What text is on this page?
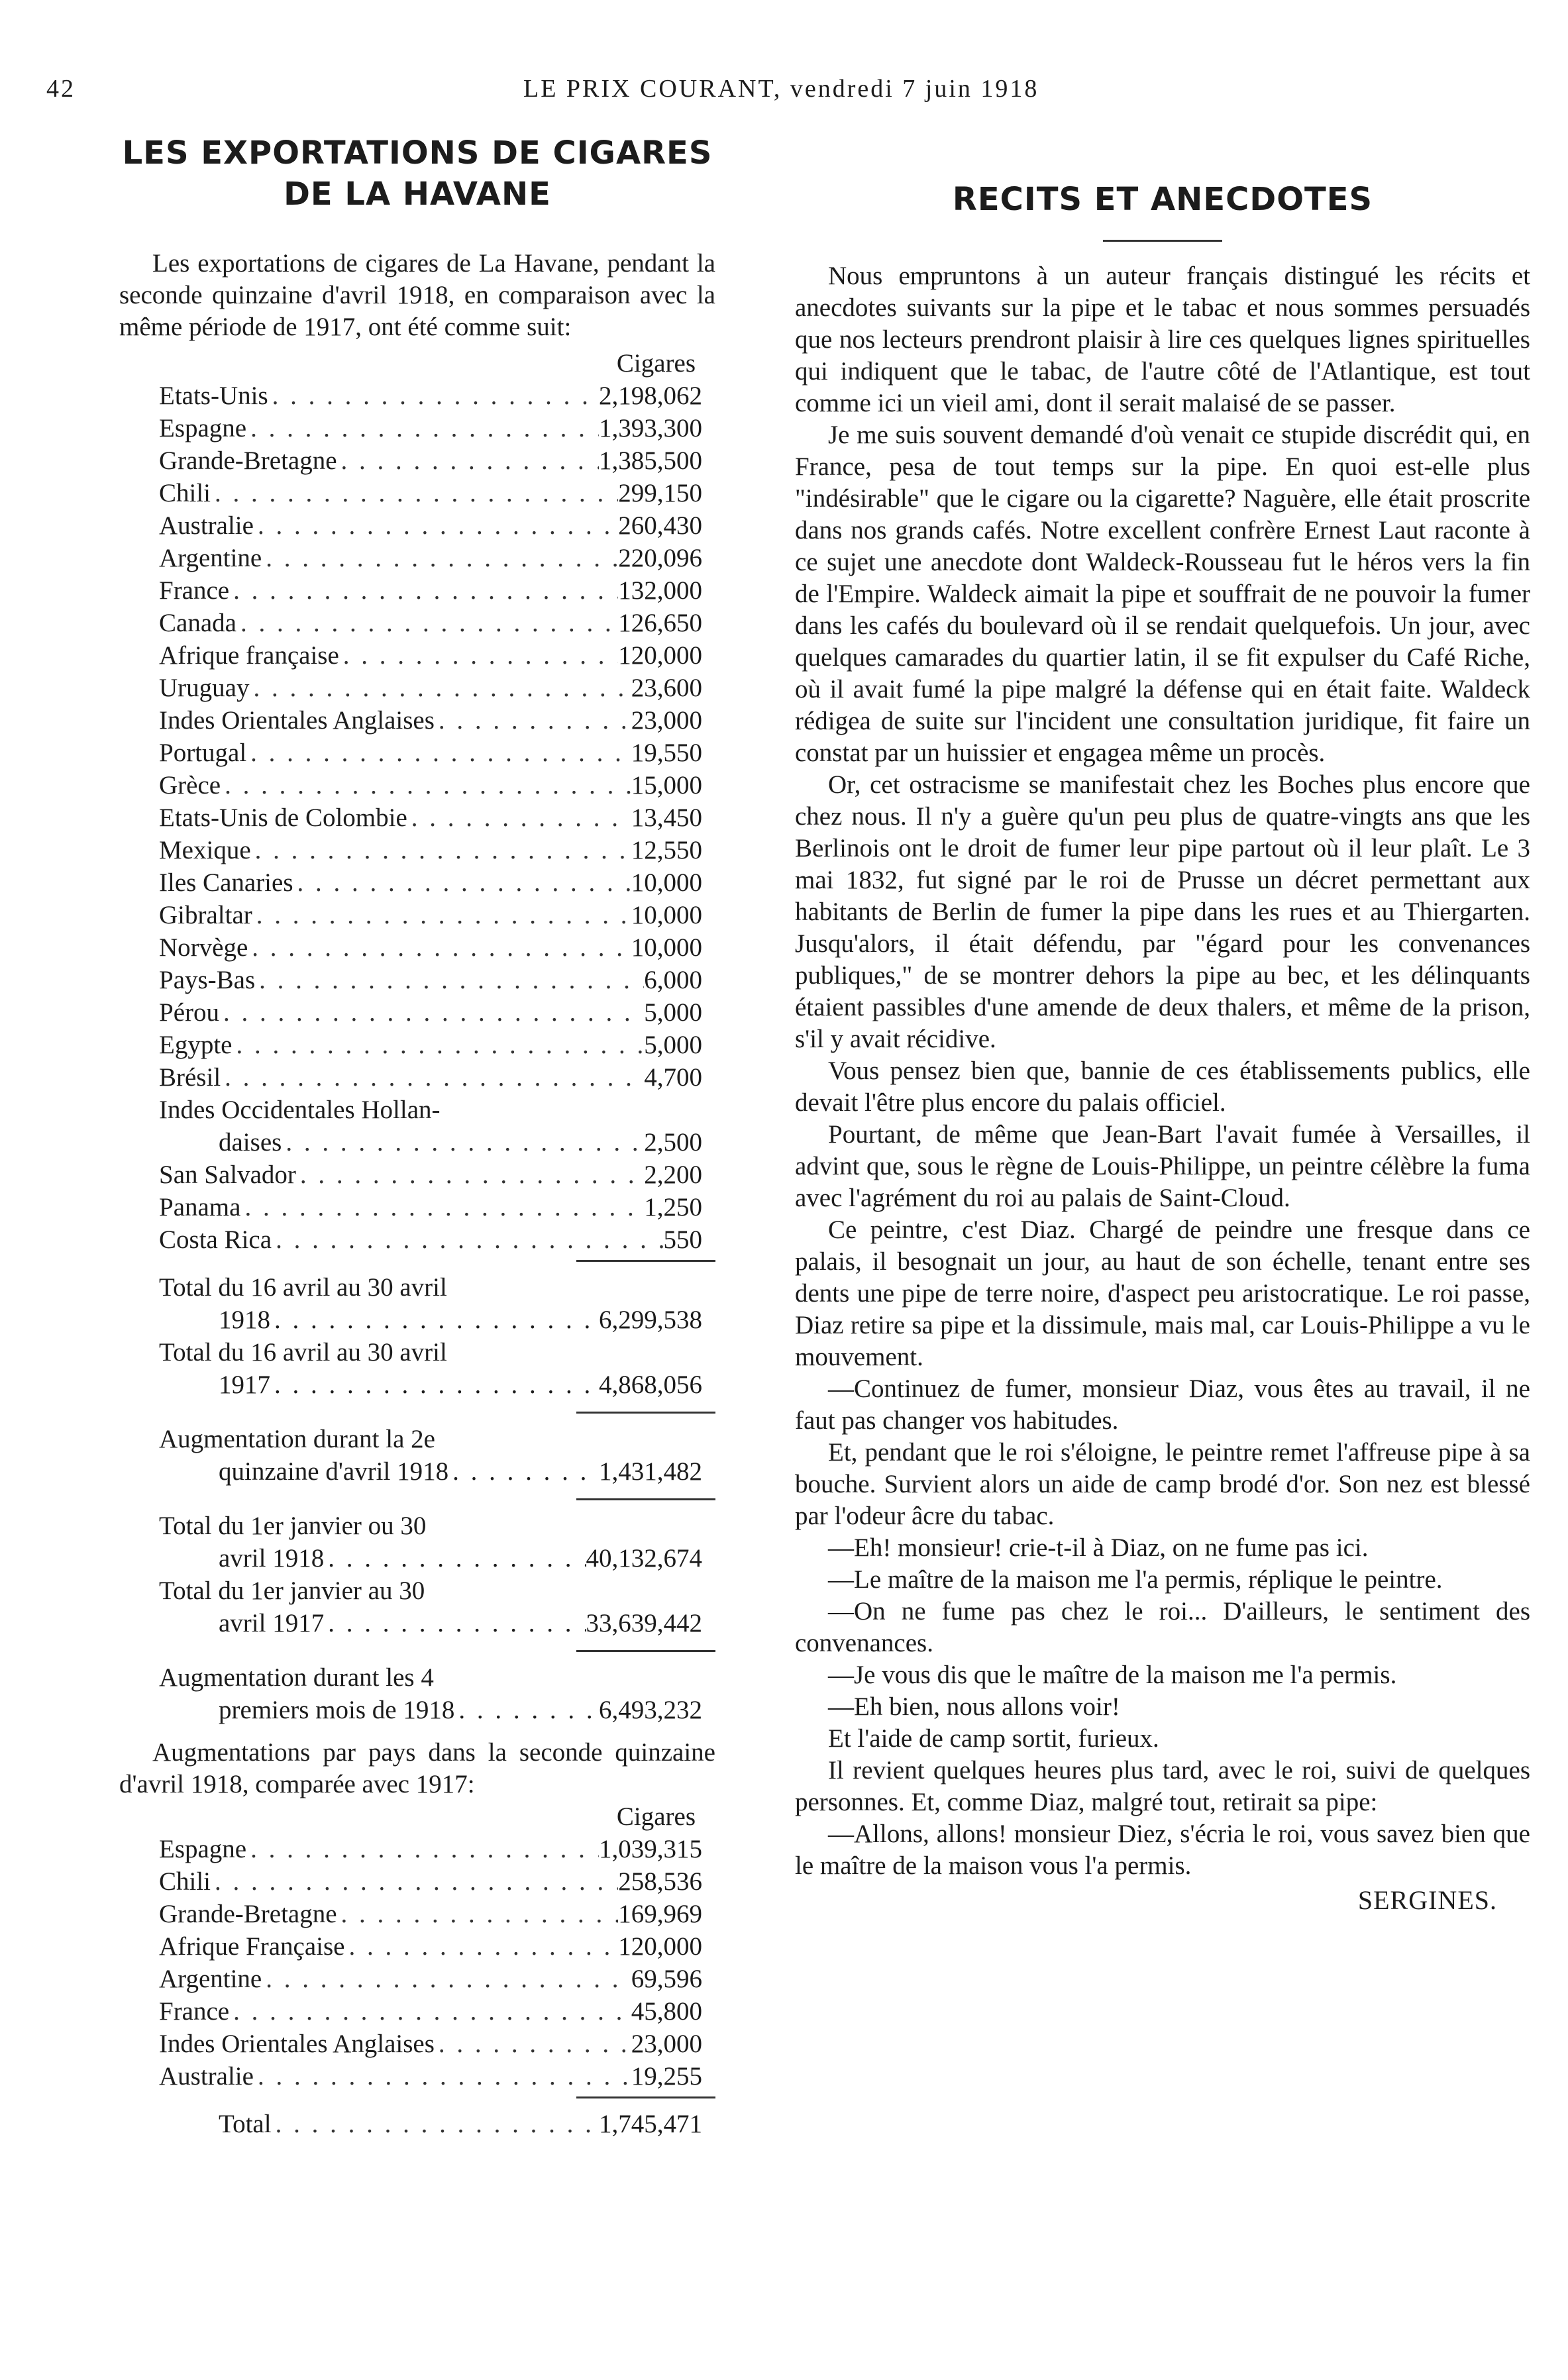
42	LE PRIX COURANT, vendredi 7 juin 1918
LES EXPORTATIONS DE CIGARES DE LA HAVANE

Les exportations de cigares de La Havane, pendant la seconde quinzaine d'avril 1918, en comparaison avec la même période de 1917, ont été comme suit:

Cigares
Etats-Unis . . .	2,198,062
Espagne . . .	1,393,300
Grande-Bretagne . . .	1,385,500
Chili . . .	299,150
Australie . . .	260,430
Argentine . . .	220,096
France . . .	132,000
Canada . . .	126,650
Afrique française . . .	120,000
Uruguay . . .	23,600
Indes Orientales Anglaises . . .	23,000
Portugal . . .	19,550
Grèce . . .	15,000
Etats-Unis de Colombie . . .	13,450
Mexique . . .	12,550
Iles Canaries . . .	10,000
Gibraltar . . .	10,000
Norvège . . .	10,000
Pays-Bas . . .	6,000
Pérou . . .	5,000
Egypte . . .	5,000
Brésil . . .	4,700
Indes Occidentales Hollan-
daises . . .	2,500
San Salvador . . .	2,200
Panama . . .	1,250
Costa Rica . . .	550
Total du 16 avril au 30 avril
1918 . . .	6,299,538
Total du 16 avril au 30 avril
1917 . . .	4,868,056
Augmentation durant la 2e
quinzaine d'avril 1918 . . .	1,431,482
Total du 1er janvier ou 30
avril 1918 . . .	40,132,674
Total du 1er janvier au 30
avril 1917 . . .	33,639,442
Augmentation durant les 4
premiers mois de 1918 . . .	6,493,232

Augmentations par pays dans la seconde quinzaine d'avril 1918, comparée avec 1917:

Cigares
Espagne . . .	1,039,315
Chili . . .	258,536
Grande-Bretagne . . .	169,969
Afrique Française . . .	120,000
Argentine . . .	69,596
France . . .	45,800
Indes Orientales Anglaises . . .	23,000
Australie . . .	19,255
Total . . .	1,745,471
RECITS ET ANECDOTES

Nous empruntons à un auteur français distingué les récits et anecdotes suivants sur la pipe et le tabac et nous sommes persuadés que nos lecteurs prendront plaisir à lire ces quelques lignes spirituelles qui indiquent que le tabac, de l'autre côté de l'Atlantique, est tout comme ici un vieil ami, dont il serait malaisé de se passer.

Je me suis souvent demandé d'où venait ce stupide discrédit qui, en France, pesa de tout temps sur la pipe. En quoi est-elle plus "indésirable" que le cigare ou la cigarette? Naguère, elle était proscrite dans nos grands cafés. Notre excellent confrère Ernest Laut raconte à ce sujet une anecdote dont Waldeck-Rousseau fut le héros vers la fin de l'Empire. Waldeck aimait la pipe et souffrait de ne pouvoir la fumer dans les cafés du boulevard où il se rendait quelquefois. Un jour, avec quelques camarades du quartier latin, il se fit expulser du Café Riche, où il avait fumé la pipe malgré la défense qui en était faite. Waldeck rédigea de suite sur l'incident une consultation juridique, fit faire un constat par un huissier et engagea même un procès.

Or, cet ostracisme se manifestait chez les Boches plus encore que chez nous. Il n'y a guère qu'un peu plus de quatre-vingts ans que les Berlinois ont le droit de fumer leur pipe partout où il leur plaît. Le 3 mai 1832, fut signé par le roi de Prusse un décret permettant aux habitants de Berlin de fumer la pipe dans les rues et au Thiergarten. Jusqu'alors, il était défendu, par "égard pour les convenances publiques," de se montrer dehors la pipe au bec, et les délinquants étaient passibles d'une amende de deux thalers, et même de la prison, s'il y avait récidive.

Vous pensez bien que, bannie de ces établissements publics, elle devait l'être plus encore du palais officiel.

Pourtant, de même que Jean-Bart l'avait fumée à Versailles, il advint que, sous le règne de Louis-Philippe, un peintre célèbre la fuma avec l'agrément du roi au palais de Saint-Cloud.

Ce peintre, c'est Diaz. Chargé de peindre une fresque dans ce palais, il besognait un jour, au haut de son échelle, tenant entre ses dents une pipe de terre noire, d'aspect peu aristocratique. Le roi passe, Diaz retire sa pipe et la dissimule, mais mal, car Louis-Philippe a vu le mouvement.

—Continuez de fumer, monsieur Diaz, vous êtes au travail, il ne faut pas changer vos habitudes.

Et, pendant que le roi s'éloigne, le peintre remet l'affreuse pipe à sa bouche. Survient alors un aide de camp brodé d'or. Son nez est blessé par l'odeur âcre du tabac.

—Eh! monsieur! crie-t-il à Diaz, on ne fume pas ici.

—Le maître de la maison me l'a permis, réplique le peintre.

—On ne fume pas chez le roi... D'ailleurs, le sentiment des convenances.

—Je vous dis que le maître de la maison me l'a permis.

—Eh bien, nous allons voir!

Et l'aide de camp sortit, furieux.

Il revient quelques heures plus tard, avec le roi, suivi de quelques personnes. Et, comme Diaz, malgré tout, retirait sa pipe:

—Allons, allons! monsieur Diez, s'écria le roi, vous savez bien que le maître de la maison vous l'a permis.

SERGINES.
